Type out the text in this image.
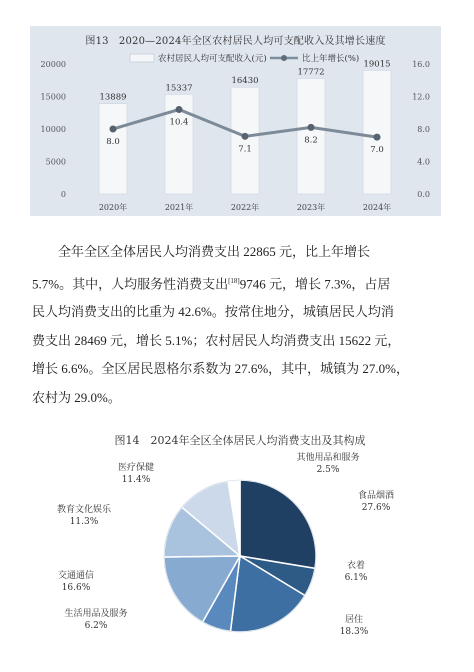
农村居民人均可支配收入(元)	比上年增长(%)
20000
15000
10000
5000
0
16.0
12.0
8.0
4.0
0.0
13889
2020年
15337
2021年
16430
2022年
17772
2023年
19015
2024年
8.0
10.4
7.1
8.2
7.0
图13　2020—2024年全区农村居民人均可支配收入及其增长速度
全年全区全体居民人均消费支出 22865 元，比上年增长
5.7%。其中，人均服务性消费支出[18]9746 元，增长 7.3%，占居
民人均消费支出的比重为 42.6%。按常住地分，城镇居民人均消
费支出 28469 元，增长 5.1%；农村居民人均消费支出 15622 元，
增长 6.6%。全区居民恩格尔系数为 27.6%，其中，城镇为 27.0%，
农村为 29.0%。
图14　2024年全区全体居民人均消费支出及其构成
食品烟酒
27.6%
衣着
6.1%
居住
18.3%
生活用品及服务
6.2%
交通通信
16.6%
教育文化娱乐
11.3%
医疗保健
11.4%
其他用品和服务
2.5%
